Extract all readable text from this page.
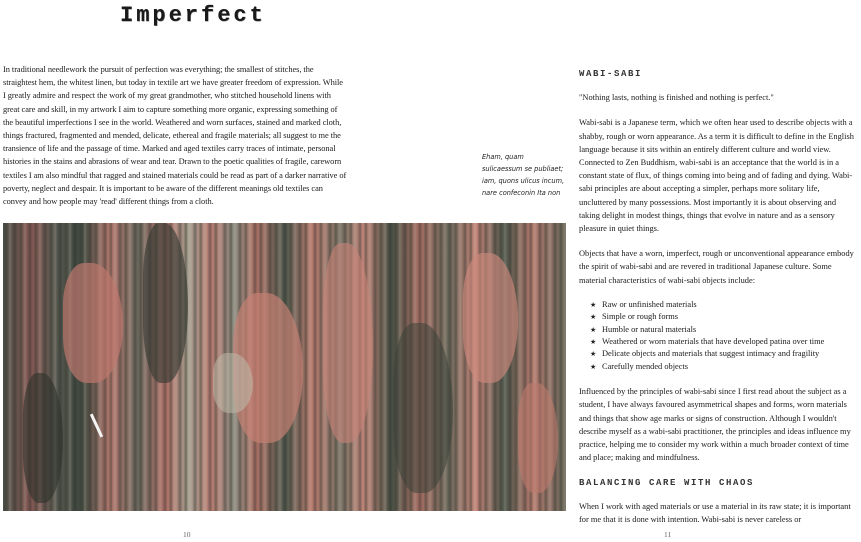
Imperfect

In traditional needlework the pursuit of perfection was everything; the smallest of stitches, the

straightest hem, the whitest linen, but today in textile art we have greater freedom of expression. While

I greatly admire and respect the work of my great grandmother, who stitched household linens with

great care and skill, in my artwork I aim to capture something more organic, expressing something of

the beautiful imperfections I see in the world. Weathered and worn surfaces, stained and marked cloth,

things fractured, fragmented and mended, delicate, ethereal and fragile materials; all suggest to me the

transience of life and the passage of time. Marked and aged textiles carry traces of intimate, personal

histories in the stains and abrasions of wear and tear. Drawn to the poetic qualities of fragile, careworn

textiles I am also mindful that ragged and stained materials could be read as part of a darker narrative of

poverty, neglect and despair. It is important to be aware of the different meanings old textiles can

convey and how people may 'read' different things from a cloth.

Eham, quam
sulicaessum se publiaet;
iam, quons ulicus incum,
nare confeconin Ita non
10
WABI-SABI

"Nothing lasts, nothing is finished and nothing is perfect."

Wabi-sabi is a Japanese term, which we often hear used to describe objects with a shabby, rough or worn appearance. As a term it is difficult to define in the English language because it sits within an entirely different culture and world view. Connected to Zen Buddhism, wabi-sabi is an acceptance that the world is in a constant state of flux, of things coming into being and of fading and dying. Wabi-sabi principles are about accepting a simpler, perhaps more solitary life, uncluttered by many possessions. Most importantly it is about observing and taking delight in modest things, things that evolve in nature and as a sensory pleasure in quiet things.

Objects that have a worn, imperfect, rough or unconventional appearance embody the spirit of wabi-sabi and are revered in traditional Japanese culture. Some material characteristics of wabi-sabi objects include:

★ Raw or unfinished materials
★ Simple or rough forms
★ Humble or natural materials
★ Weathered or worn materials that have developed patina over time
★ Delicate objects and materials that suggest intimacy and fragility
★ Carefully mended objects

Influenced by the principles of wabi-sabi since I first read about the subject as a student, I have always favoured asymmetrical shapes and forms, worn materials and things that show age marks or signs of construction. Although I wouldn't describe myself as a wabi-sabi practitioner, the principles and ideas influence my practice, helping me to consider my work within a much broader context of time and place; making and mindfulness.

BALANCING CARE WITH CHAOS

When I work with aged materials or use a material in its raw state; it is important for me that it is done with intention. Wabi-sabi is never careless or

11
